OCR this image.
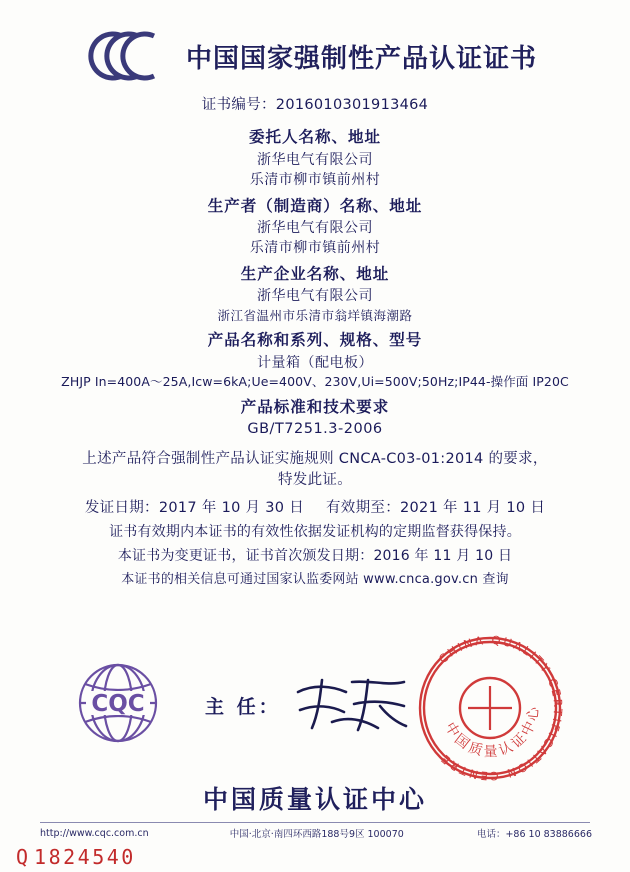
中国国家强制性产品认证证书
证书编号：2016010301913464
委托人名称、地址
浙华电气有限公司
乐清市柳市镇前州村
生产者（制造商）名称、地址
浙华电气有限公司
乐清市柳市镇前州村
生产企业名称、地址
浙华电气有限公司
浙江省温州市乐清市翁垟镇海潮路
产品名称和系列、规格、型号
计量箱（配电板）
ZHJP In=400A～25A,Icw=6kA;Ue=400V、230V,Ui=500V;50Hz;IP44-操作面 IP20C
产品标准和技术要求
GB/T7251.3-2006
上述产品符合强制性产品认证实施规则 CNCA-C03-01:2014 的要求，
特发此证。
发证日期：2017 年 10 月 30 日 有效期至：2021 年 11 月 10 日
证书有效期内本证书的有效性依据发证机构的定期监督获得保持。
本证书为变更证书，证书首次颁发日期：2016 年 11 月 10 日
本证书的相关信息可通过国家认监委网站 www.cnca.gov.cn 查询
CQC	主 任：
CHINA QUALITY CERTIFICATION CENTRE
中国质量认证中心
中国质量认证中心
http://www.cqc.com.cn	中国·北京·南四环西路188号9区 100070	电话：+86 10 83886666
Q1824540
